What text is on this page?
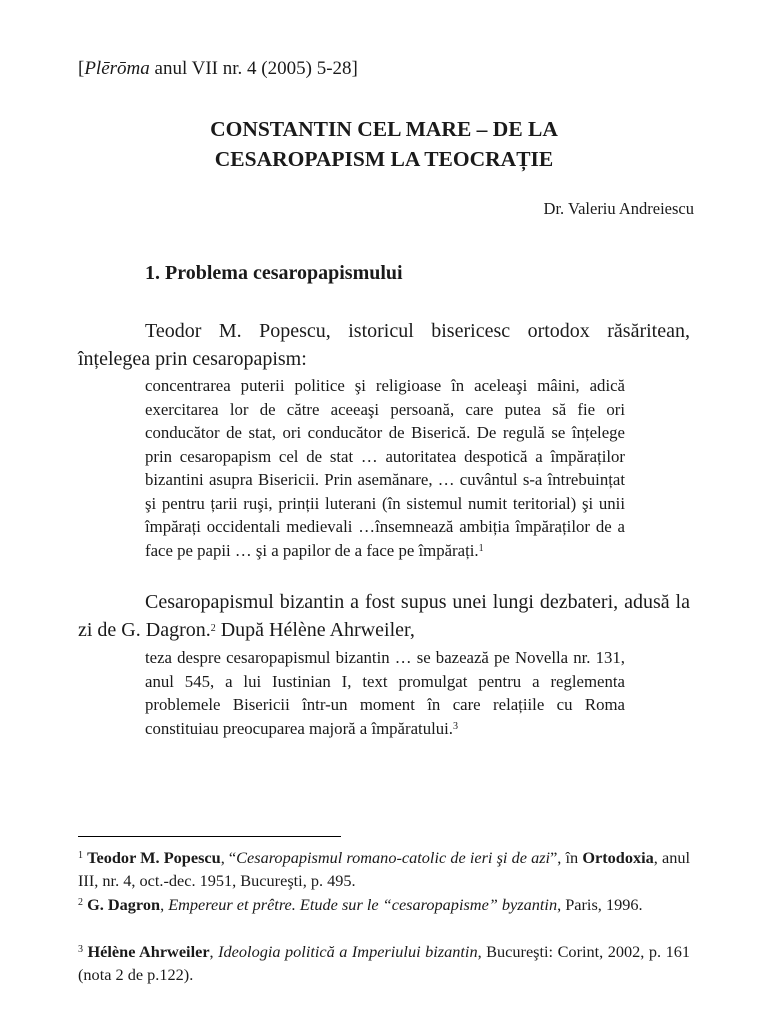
[Plērōma anul VII nr. 4 (2005) 5-28]
CONSTANTIN CEL MARE – DE LA
CESAROPAPISM LA TEOCRAȚIE
Dr. Valeriu Andreiescu
1. Problema cesaropapismului

Teodor M. Popescu, istoricul bisericesc ortodox răsăritean, înțelegea prin cesaropapism:

concentrarea puterii politice şi religioase în aceleaşi mâini, adică exercitarea lor de către aceeaşi persoană, care putea să fie ori conducător de stat, ori conducător de Biserică. De regulă se înțelege prin cesaropapism cel de stat … autoritatea despotică a împăraților bizantini asupra Bisericii. Prin asemănare, … cuvântul s-a întrebuințat şi pentru țarii ruşi, prinții luterani (în sistemul numit teritorial) şi unii împărați occidentali medievali …însemnează ambiția împăraților de a face pe papii … şi a papilor de a face pe împărați.$^1$

Cesaropapismul bizantin a fost supus unei lungi dezbateri, adusă la zi de G. Dagron.$^2$ După Hélène Ahrweiler,

teza despre cesaropapismul bizantin … se bazează pe Novella nr. 131, anul 545, a lui Iustinian I, text promulgat pentru a reglementa problemele Bisericii într-un moment în care relațiile cu Roma constituiau preocuparea majoră a împăratului.$^3$

$^1$ Teodor M. Popescu, “Cesaropapismul romano-catolic de ieri şi de azi”, în Ortodoxia, anul III, nr. 4, oct.-dec. 1951, Bucureşti, p. 495.

$^2$ G. Dagron, Empereur et prêtre. Etude sur le “cesaropapisme” byzantin, Paris, 1996.

$^3$ Hélène Ahrweiler, Ideologia politică a Imperiului bizantin, Bucureşti: Corint, 2002, p. 161 (nota 2 de p.122).
